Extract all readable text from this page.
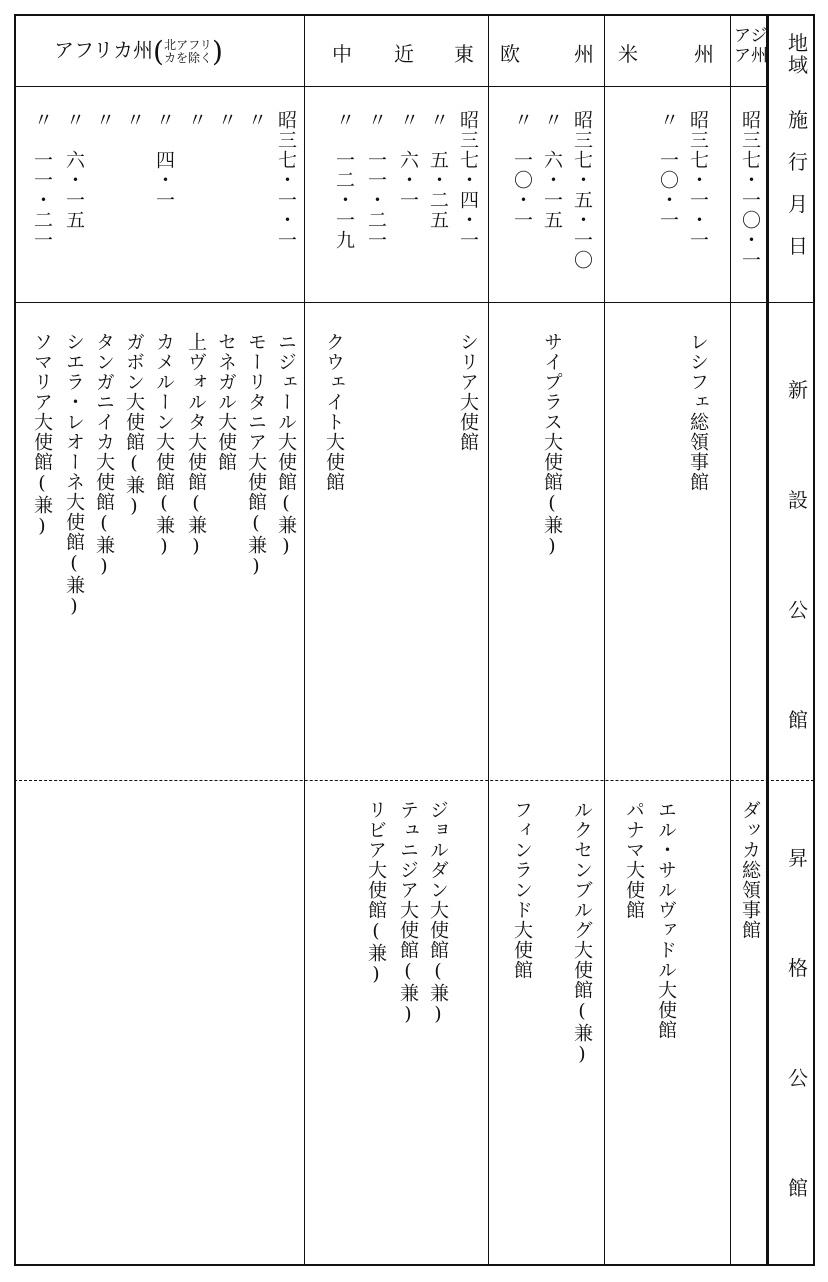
地
域
施
行
月
日
新
設
公
館
昇
格
公
館
アジ
ア州
米	州
欧	州
中 近 東
アフリカ州(北アフリ
カを除く)
昭三七・一〇・一
昭三七・一・一
〃　一〇・一
昭三七・五・一〇
〃　六・一五
〃　一〇・一
昭三七・四・一
〃　五・二五
〃　六・一
〃　一一・二一
〃　一二・一九
昭三七・一・一
〃
〃
〃
〃　四・一
〃
〃
〃　六・一五
〃　一一・二一
レシフェ総領事館
サイプラス大使館(兼)
シリア大使館
クウェイト大使館
ニジェール大使館(兼)
モーリタニア大使館(兼)
セネガル大使館
上ヴォルタ大使館(兼)
カメルーン大使館(兼)
ガボン大使館(兼)
タンガニイカ大使館(兼)
シエラ・レオーネ大使館(兼)
ソマリア大使館(兼)
ダッカ総領事館
エル・サルヴァドル大使館
パナマ大使館
ルクセンブルグ大使館(兼)
フィンランド大使館
ジョルダン大使館(兼)
テュニジア大使館(兼)
リビア大使館(兼)
